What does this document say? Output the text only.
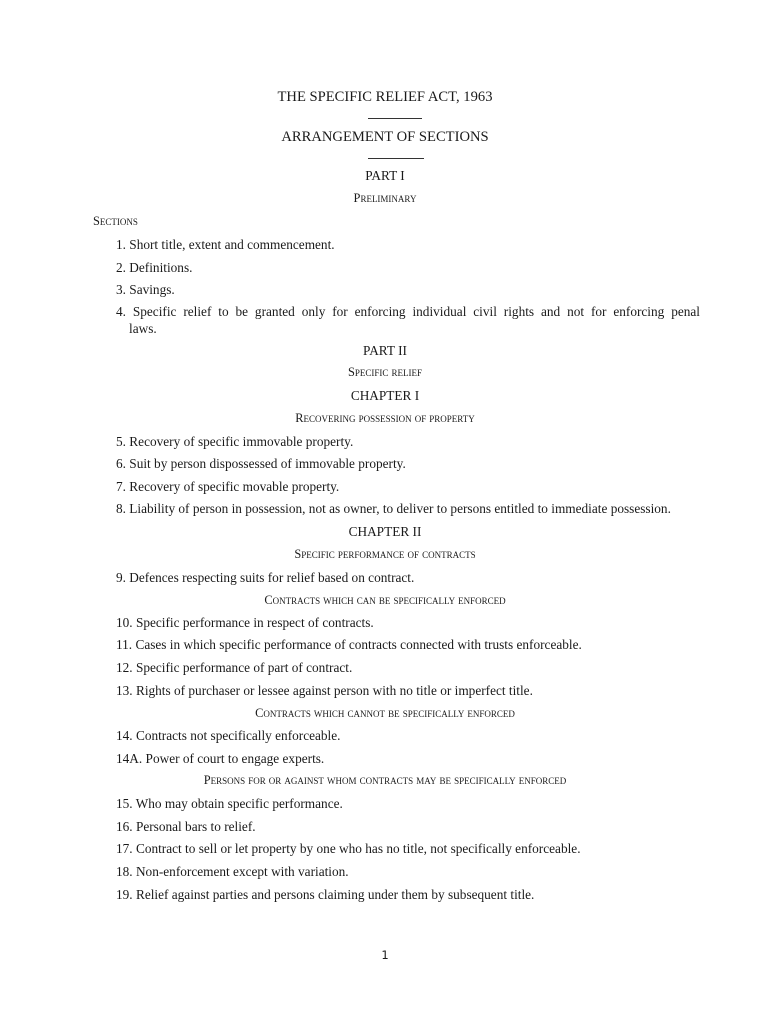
THE SPECIFIC RELIEF ACT, 1963
ARRANGEMENT OF SECTIONS
PART I
Preliminary
Sections
1. Short title, extent and commencement.
2. Definitions.
3. Savings.
4. Specific relief to be granted only for enforcing individual civil rights and not for enforcing penal
laws.
PART II
Specific relief
CHAPTER I
Recovering possession of property
5. Recovery of specific immovable property.
6. Suit by person dispossessed of immovable property.
7. Recovery of specific movable property.
8. Liability of person in possession, not as owner, to deliver to persons entitled to immediate possession.
CHAPTER II
Specific performance of contracts
9. Defences respecting suits for relief based on contract.
Contracts which can be specifically enforced
10. Specific performance in respect of contracts.
11. Cases in which specific performance of contracts connected with trusts enforceable.
12. Specific performance of part of contract.
13. Rights of purchaser or lessee against person with no title or imperfect title.
Contracts which cannot be specifically enforced
14. Contracts not specifically enforceable.
14A. Power of court to engage experts.
Persons for or against whom contracts may be specifically enforced
15. Who may obtain specific performance.
16. Personal bars to relief.
17. Contract to sell or let property by one who has no title, not specifically enforceable.
18. Non-enforcement except with variation.
19. Relief against parties and persons claiming under them by subsequent title.
1
